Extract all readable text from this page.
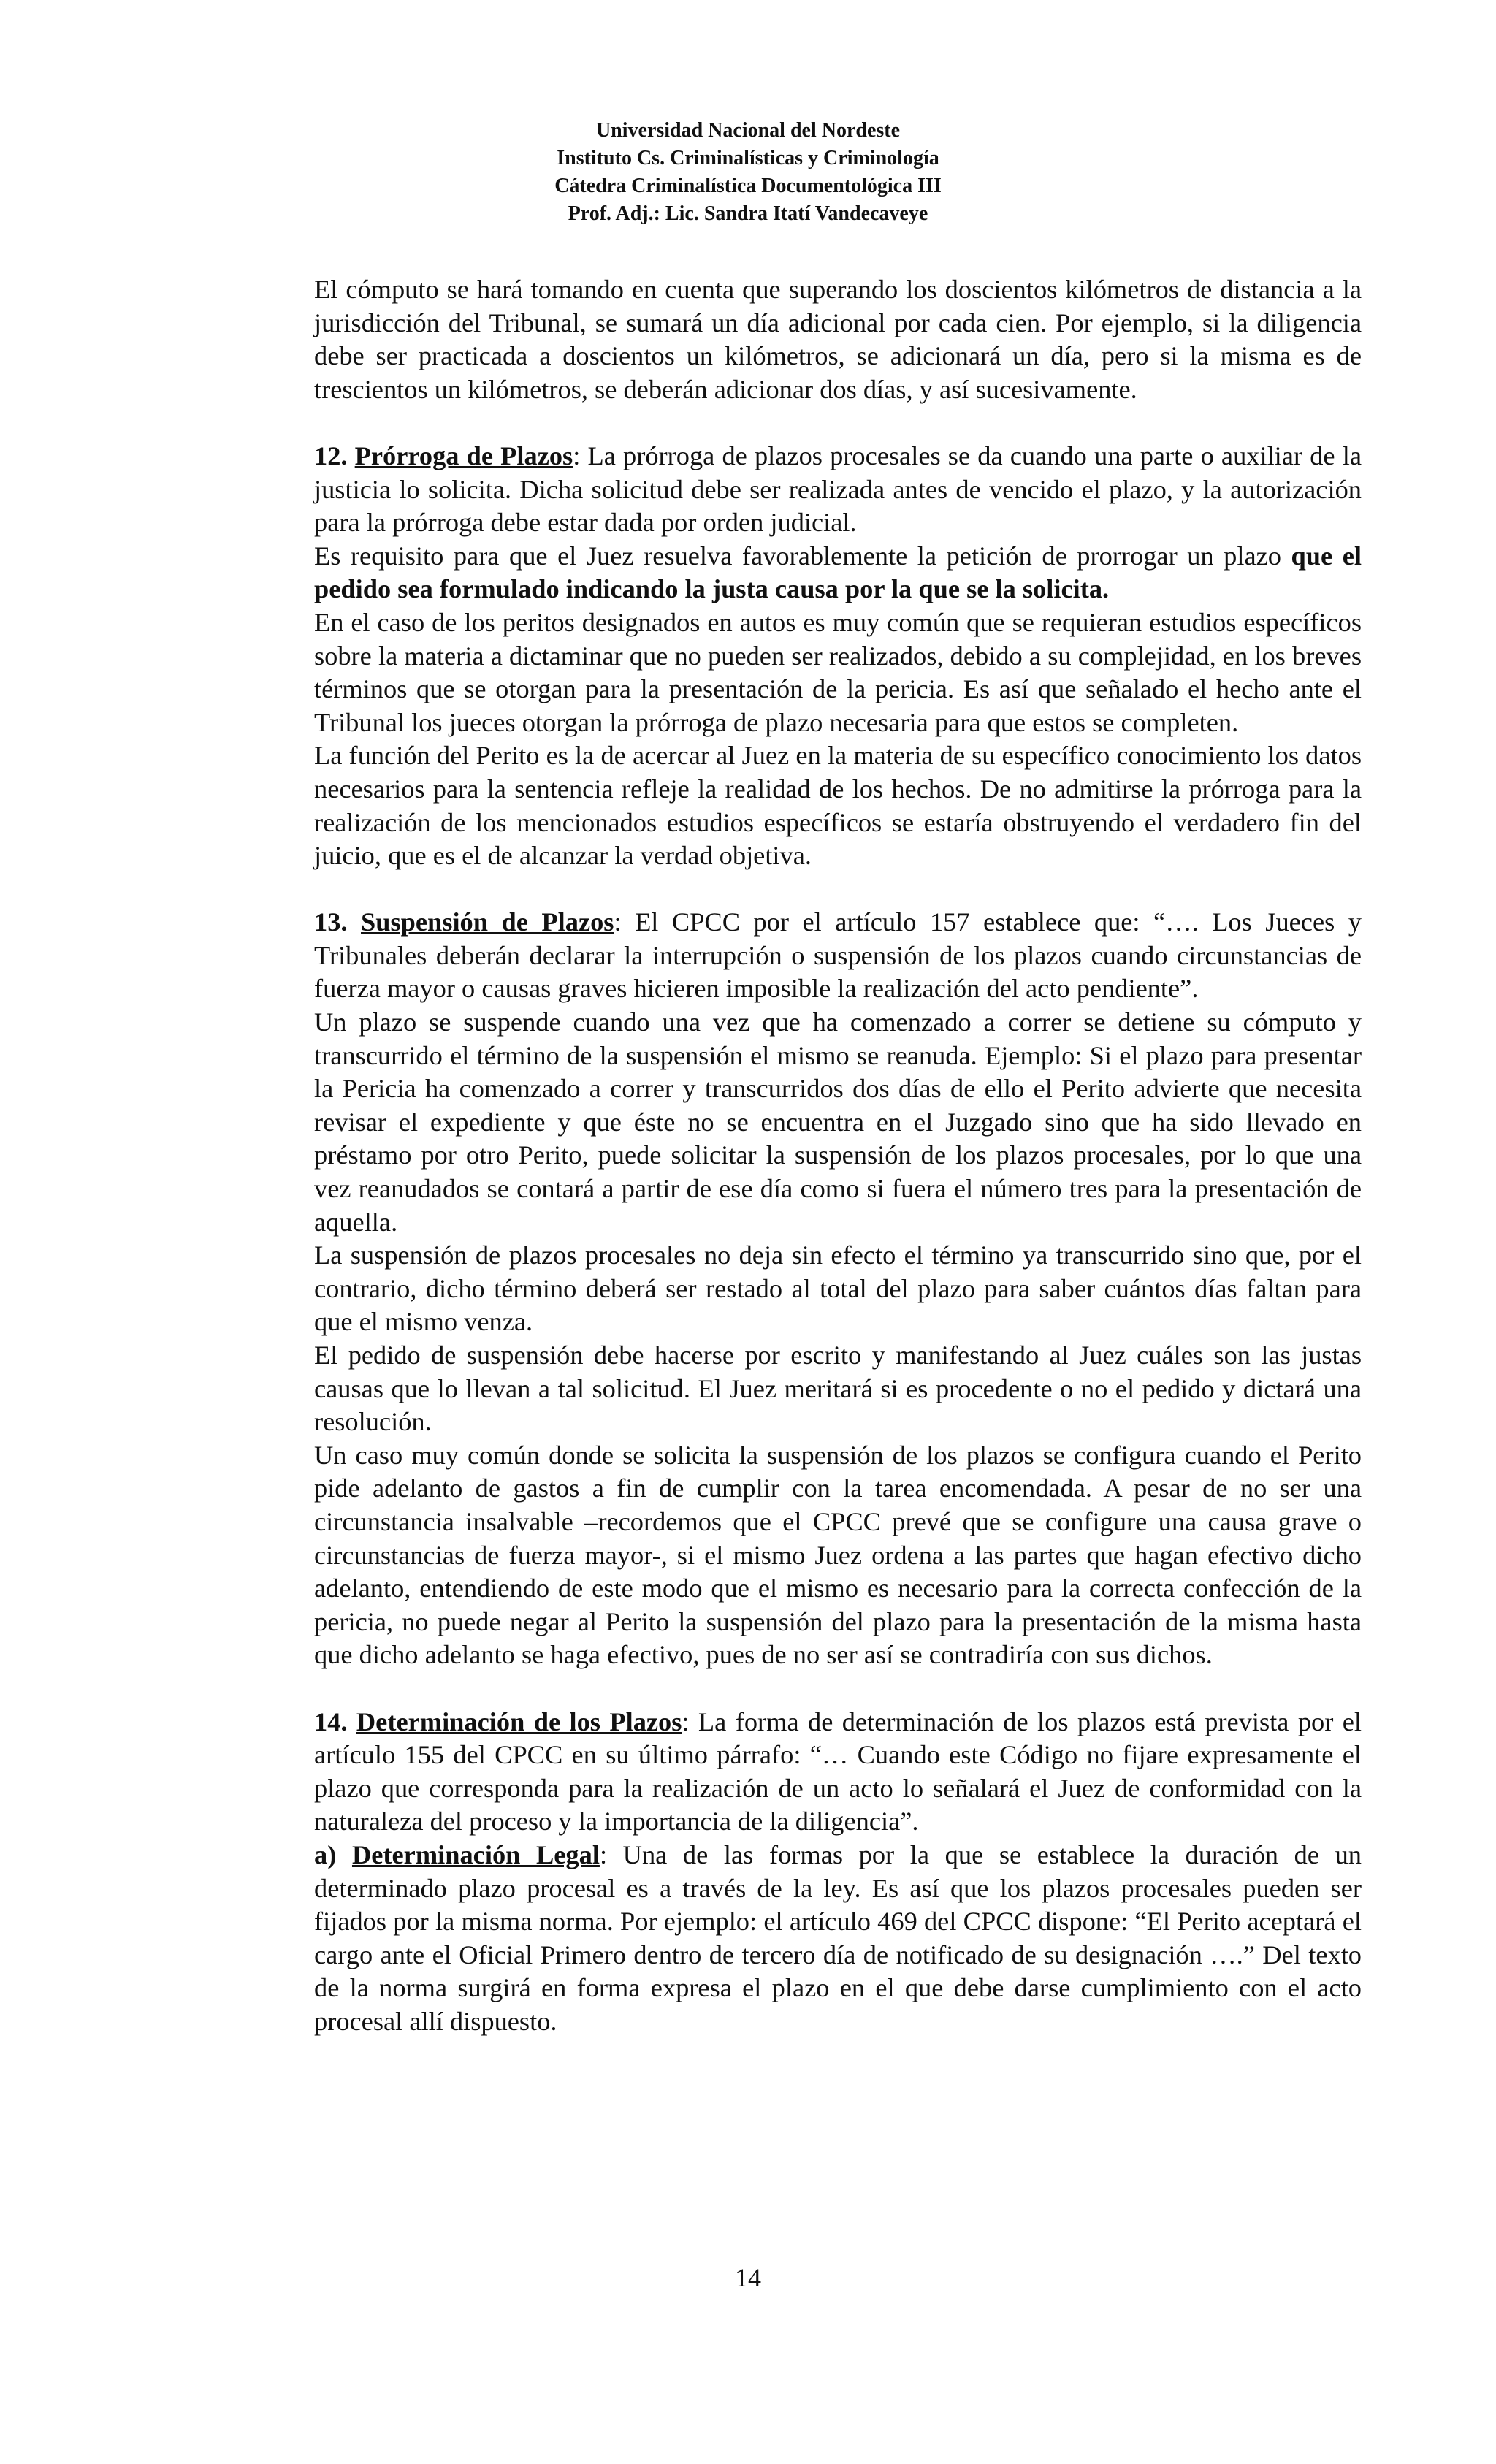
Universidad Nacional del Nordeste
Instituto Cs. Criminalísticas y Criminología
Cátedra Criminalística Documentológica III
Prof. Adj.: Lic. Sandra Itatí Vandecaveye

El cómputo se hará tomando en cuenta que superando los doscientos kilómetros de distancia a la jurisdicción del Tribunal, se sumará un día adicional por cada cien. Por ejemplo, si la diligencia debe ser practicada a doscientos un kilómetros, se adicionará un día, pero si la misma es de trescientos un kilómetros, se deberán adicionar dos días, y así sucesivamente.

12. Prórroga de Plazos: La prórroga de plazos procesales se da cuando una parte o auxiliar de la justicia lo solicita. Dicha solicitud debe ser realizada antes de vencido el plazo, y la autorización para la prórroga debe estar dada por orden judicial.

Es requisito para que el Juez resuelva favorablemente la petición de prorrogar un plazo que el pedido sea formulado indicando la justa causa por la que se la solicita.

En el caso de los peritos designados en autos es muy común que se requieran estudios específicos sobre la materia a dictaminar que no pueden ser realizados, debido a su complejidad, en los breves términos que se otorgan para la presentación de la pericia. Es así que señalado el hecho ante el Tribunal los jueces otorgan la prórroga de plazo necesaria para que estos se completen.

La función del Perito es la de acercar al Juez en la materia de su específico conocimiento los datos necesarios para la sentencia refleje la realidad de los hechos. De no admitirse la prórroga para la realización de los mencionados estudios específicos se estaría obstruyendo el verdadero fin del juicio, que es el de alcanzar la verdad objetiva.

13. Suspensión de Plazos: El CPCC por el artículo 157 establece que: “…. Los Jueces y Tribunales deberán declarar la interrupción o suspensión de los plazos cuando circunstancias de fuerza mayor o causas graves hicieren imposible la realización del acto pendiente”.

Un plazo se suspende cuando una vez que ha comenzado a correr se detiene su cómputo y transcurrido el término de la suspensión el mismo se reanuda. Ejemplo: Si el plazo para presentar la Pericia ha comenzado a correr y transcurridos dos días de ello el Perito advierte que necesita revisar el expediente y que éste no se encuentra en el Juzgado sino que ha sido llevado en préstamo por otro Perito, puede solicitar la suspensión de los plazos procesales, por lo que una vez reanudados se contará a partir de ese día como si fuera el número tres para la presentación de aquella.

La suspensión de plazos procesales no deja sin efecto el término ya transcurrido sino que, por el contrario, dicho término deberá ser restado al total del plazo para saber cuántos días faltan para que el mismo venza.

El pedido de suspensión debe hacerse por escrito y manifestando al Juez cuáles son las justas causas que lo llevan a tal solicitud. El Juez meritará si es procedente o no el pedido y dictará una resolución.

Un caso muy común donde se solicita la suspensión de los plazos se configura cuando el Perito pide adelanto de gastos a fin de cumplir con la tarea encomendada. A pesar de no ser una circunstancia insalvable –recordemos que el CPCC prevé que se configure una causa grave o circunstancias de fuerza mayor-, si el mismo Juez ordena a las partes que hagan efectivo dicho adelanto, entendiendo de este modo que el mismo es necesario para la correcta confección de la pericia, no puede negar al Perito la suspensión del plazo para la presentación de la misma hasta que dicho adelanto se haga efectivo, pues de no ser así se contradiría con sus dichos.

14. Determinación de los Plazos: La forma de determinación de los plazos está prevista por el artículo 155 del CPCC en su último párrafo: “… Cuando este Código no fijare expresamente el plazo que corresponda para la realización de un acto lo señalará el Juez de conformidad con la naturaleza del proceso y la importancia de la diligencia”.

a) Determinación Legal: Una de las formas por la que se establece la duración de un determinado plazo procesal es a través de la ley. Es así que los plazos procesales pueden ser fijados por la misma norma. Por ejemplo: el artículo 469 del CPCC dispone: “El Perito aceptará el cargo ante el Oficial Primero dentro de tercero día de notificado de su designación ….” Del texto de la norma surgirá en forma expresa el plazo en el que debe darse cumplimiento con el acto procesal allí dispuesto.

14
